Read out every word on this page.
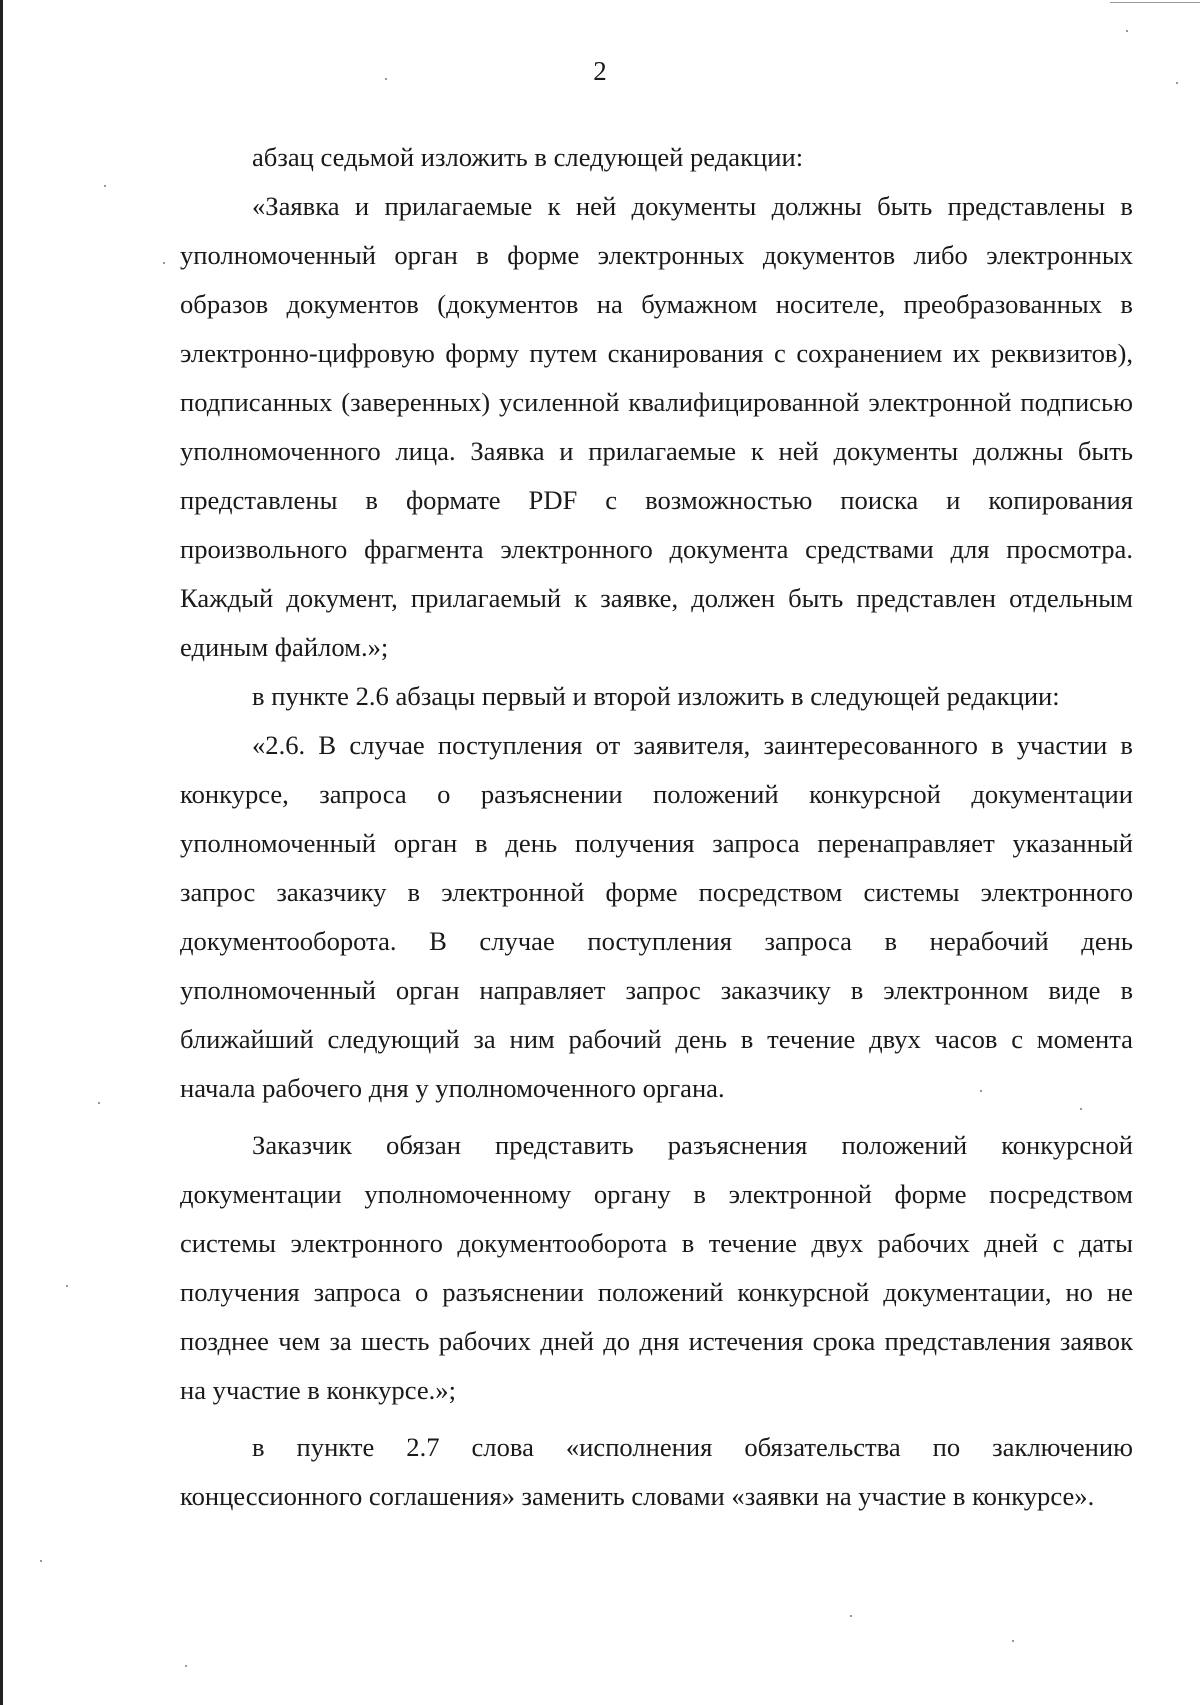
2

абзац седьмой изложить в следующей редакции:

«Заявка и прилагаемые к ней документы должны быть представлены в уполномоченный орган в форме электронных документов либо электронных образов документов (документов на бумажном носителе, преобразованных в электронно-цифровую форму путем сканирования с сохранением их реквизитов), подписанных (заверенных) усиленной квалифицированной электронной подписью уполномоченного лица. Заявка и прилагаемые к ней документы должны быть представлены в формате PDF с возможностью поиска и копирования произвольного фрагмента электронного документа средствами для просмотра. Каждый документ, прилагаемый к заявке, должен быть представлен отдельным единым файлом.»;

в пункте 2.6 абзацы первый и второй изложить в следующей редакции:

«2.6. В случае поступления от заявителя, заинтересованного в участии в конкурсе, запроса о разъяснении положений конкурсной документации уполномоченный орган в день получения запроса перенаправляет указанный запрос заказчику в электронной форме посредством системы электронного документооборота. В случае поступления запроса в нерабочий день уполномоченный орган направляет запрос заказчику в электронном виде в ближайший следующий за ним рабочий день в течение двух часов с момента начала рабочего дня у уполномоченного органа.

Заказчик обязан представить разъяснения положений конкурсной документации уполномоченному органу в электронной форме посредством системы электронного документооборота в течение двух рабочих дней с даты получения запроса о разъяснении положений конкурсной документации, но не позднее чем за шесть рабочих дней до дня истечения срока представления заявок на участие в конкурсе.»;

в пункте 2.7 слова «исполнения обязательства по заключению концессионного соглашения» заменить словами «заявки на участие в конкурсе».
